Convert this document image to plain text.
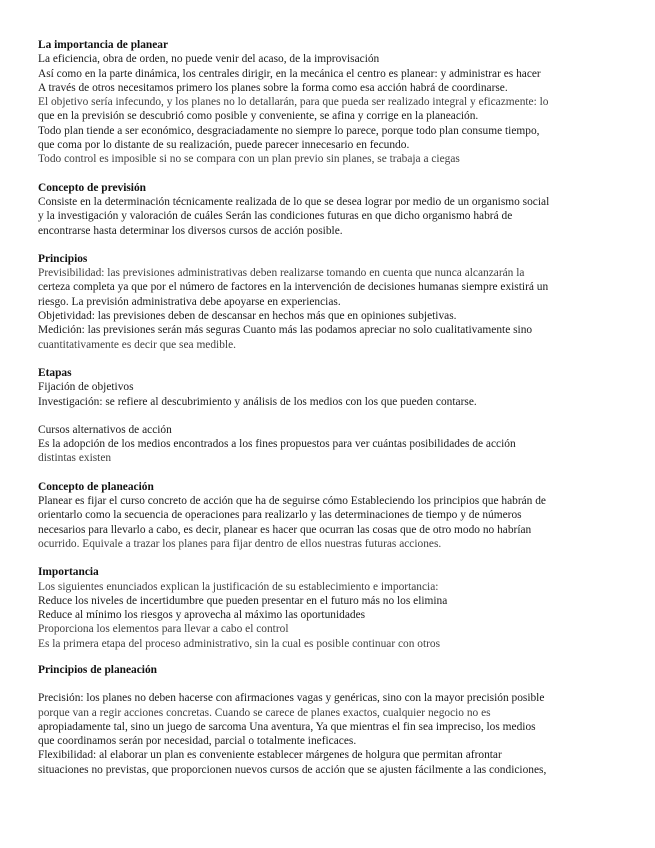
La importancia de planear

La eficiencia, obra de orden, no puede venir del acaso, de la improvisación

Así como en la parte dinámica, los centrales dirigir, en la mecánica el centro es planear: y administrar es hacer

A través de otros necesitamos primero los planes sobre la forma como esa acción habrá de coordinarse.

El objetivo sería infecundo, y los planes no lo detallarán, para que pueda ser realizado integral y eficazmente: lo

que en la previsión se descubrió como posible y conveniente, se afina y corrige en la planeación.

Todo plan tiende a ser económico, desgraciadamente no siempre lo parece, porque todo plan consume tiempo,

que coma por lo distante de su realización, puede parecer innecesario en fecundo.

Todo control es imposible si no se compara con un plan previo sin planes, se trabaja a ciegas

Concepto de previsión

Consiste en la determinación técnicamente realizada de lo que se desea lograr por medio de un organismo social

y la investigación y valoración de cuáles Serán las condiciones futuras en que dicho organismo habrá de

encontrarse hasta determinar los diversos cursos de acción posible.

Principios

Previsibilidad: las previsiones administrativas deben realizarse tomando en cuenta que nunca alcanzarán la

certeza completa ya que por el número de factores en la intervención de decisiones humanas siempre existirá un

riesgo. La previsión administrativa debe apoyarse en experiencias.

Objetividad: las previsiones deben de descansar en hechos más que en opiniones subjetivas.

Medición: las previsiones serán más seguras Cuanto más las podamos apreciar no solo cualitativamente sino

cuantitativamente es decir que sea medible.

Etapas

Fijación de objetivos

Investigación: se refiere al descubrimiento y análisis de los medios con los que pueden contarse.

Cursos alternativos de acción

Es la adopción de los medios encontrados a los fines propuestos para ver cuántas posibilidades de acción

distintas existen

Concepto de planeación

Planear es fijar el curso concreto de acción que ha de seguirse cómo Estableciendo los principios que habrán de

orientarlo como la secuencia de operaciones para realizarlo y las determinaciones de tiempo y de números

necesarios para llevarlo a cabo, es decir, planear es hacer que ocurran las cosas que de otro modo no habrían

ocurrido. Equivale a trazar los planes para fijar dentro de ellos nuestras futuras acciones.

Importancia

Los siguientes enunciados explican la justificación de su establecimiento e importancia:

Reduce los niveles de incertidumbre que pueden presentar en el futuro más no los elimina

Reduce al mínimo los riesgos y aprovecha al máximo las oportunidades

Proporciona los elementos para llevar a cabo el control

Es la primera etapa del proceso administrativo, sin la cual es posible continuar con otros

Principios de planeación

Precisión: los planes no deben hacerse con afirmaciones vagas y genéricas, sino con la mayor precisión posible

porque van a regir acciones concretas. Cuando se carece de planes exactos, cualquier negocio no es

apropiadamente tal, sino un juego de sarcoma Una aventura, Ya que mientras el fin sea impreciso, los medios

que coordinamos serán por necesidad, parcial o totalmente ineficaces.

Flexibilidad: al elaborar un plan es conveniente establecer márgenes de holgura que permitan afrontar

situaciones no previstas, que proporcionen nuevos cursos de acción que se ajusten fácilmente a las condiciones,
